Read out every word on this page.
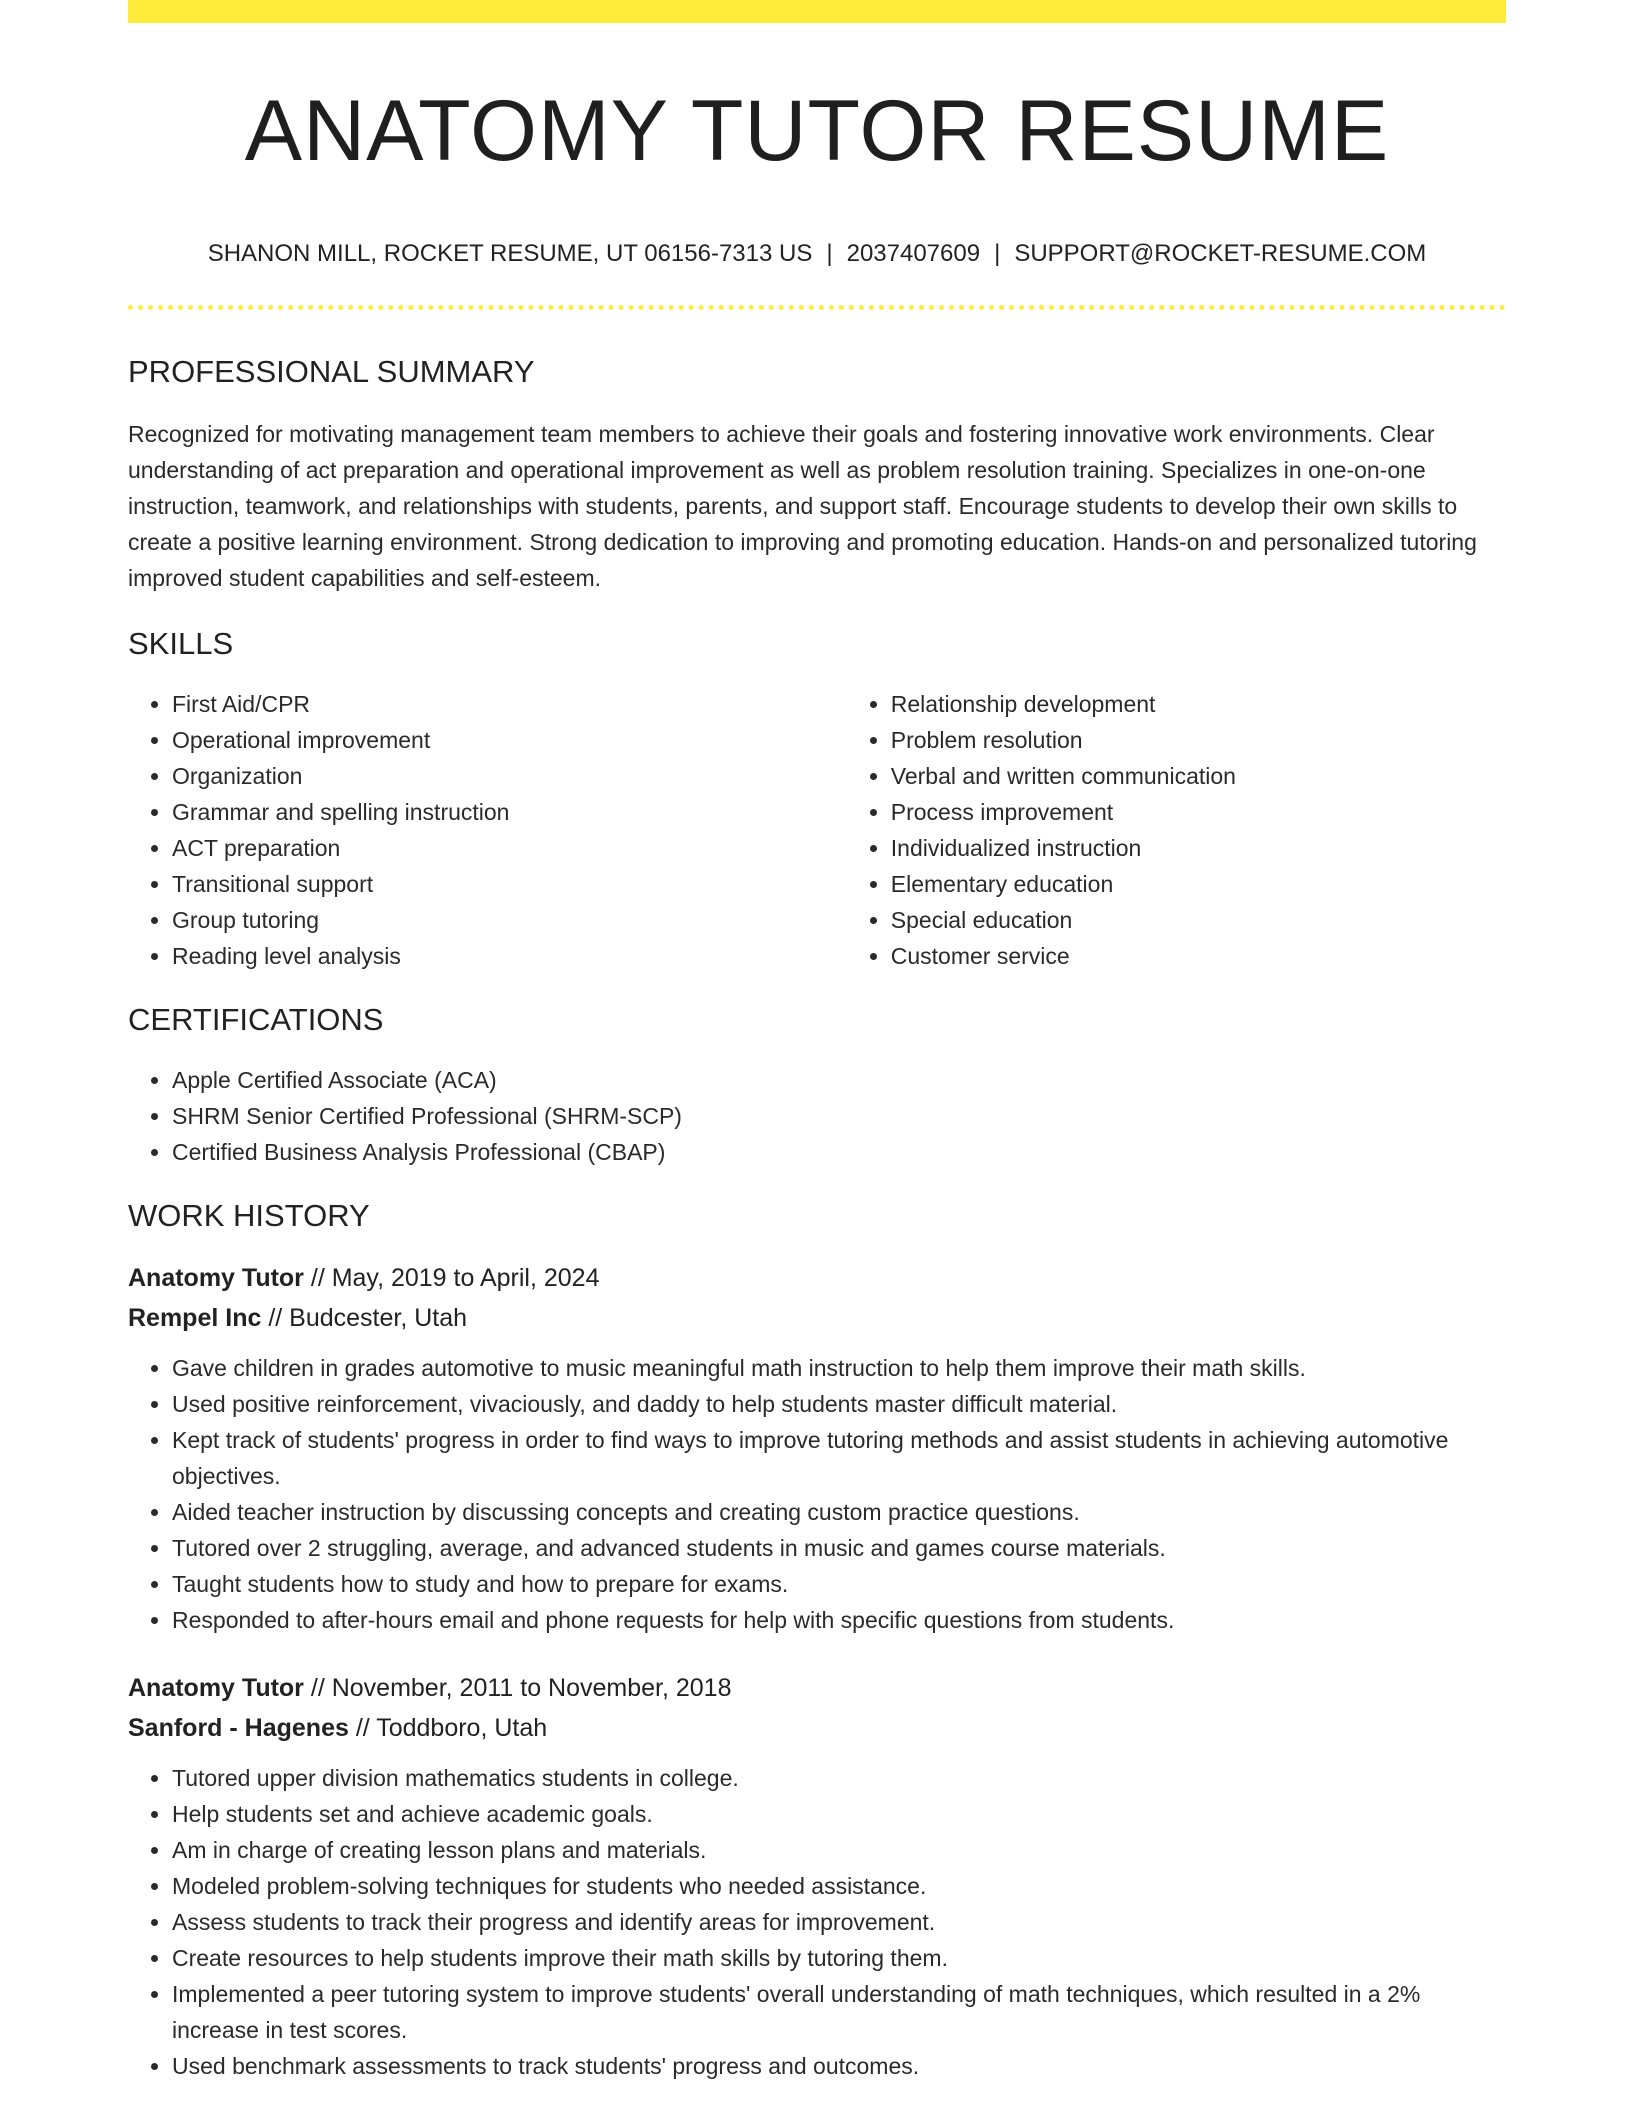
ANATOMY TUTOR RESUME
SHANON MILL, ROCKET RESUME, UT 06156-7313 US | 2037407609 | SUPPORT@ROCKET-RESUME.COM
PROFESSIONAL SUMMARY

Recognized for motivating management team members to achieve their goals and fostering innovative work environments. Clear understanding of act preparation and operational improvement as well as problem resolution training. Specializes in one-on-one instruction, teamwork, and relationships with students, parents, and support staff. Encourage students to develop their own skills to create a positive learning environment. Strong dedication to improving and promoting education. Hands-on and personalized tutoring improved student capabilities and self-esteem.

SKILLS
• First Aid/CPR
• Operational improvement
• Organization
• Grammar and spelling instruction
• ACT preparation
• Transitional support
• Group tutoring
• Reading level analysis
• Relationship development
• Problem resolution
• Verbal and written communication
• Process improvement
• Individualized instruction
• Elementary education
• Special education
• Customer service
CERTIFICATIONS
• Apple Certified Associate (ACA)
• SHRM Senior Certified Professional (SHRM-SCP)
• Certified Business Analysis Professional (CBAP)
WORK HISTORY
Anatomy Tutor // May, 2019 to April, 2024
Rempel Inc // Budcester, Utah
• Gave children in grades automotive to music meaningful math instruction to help them improve their math skills.
• Used positive reinforcement, vivaciously, and daddy to help students master difficult material.
• Kept track of students' progress in order to find ways to improve tutoring methods and assist students in achieving automotive objectives.
• Aided teacher instruction by discussing concepts and creating custom practice questions.
• Tutored over 2 struggling, average, and advanced students in music and games course materials.
• Taught students how to study and how to prepare for exams.
• Responded to after-hours email and phone requests for help with specific questions from students.
Anatomy Tutor // November, 2011 to November, 2018
Sanford - Hagenes // Toddboro, Utah
• Tutored upper division mathematics students in college.
• Help students set and achieve academic goals.
• Am in charge of creating lesson plans and materials.
• Modeled problem-solving techniques for students who needed assistance.
• Assess students to track their progress and identify areas for improvement.
• Create resources to help students improve their math skills by tutoring them.
• Implemented a peer tutoring system to improve students' overall understanding of math techniques, which resulted in a 2% increase in test scores.
• Used benchmark assessments to track students' progress and outcomes.
